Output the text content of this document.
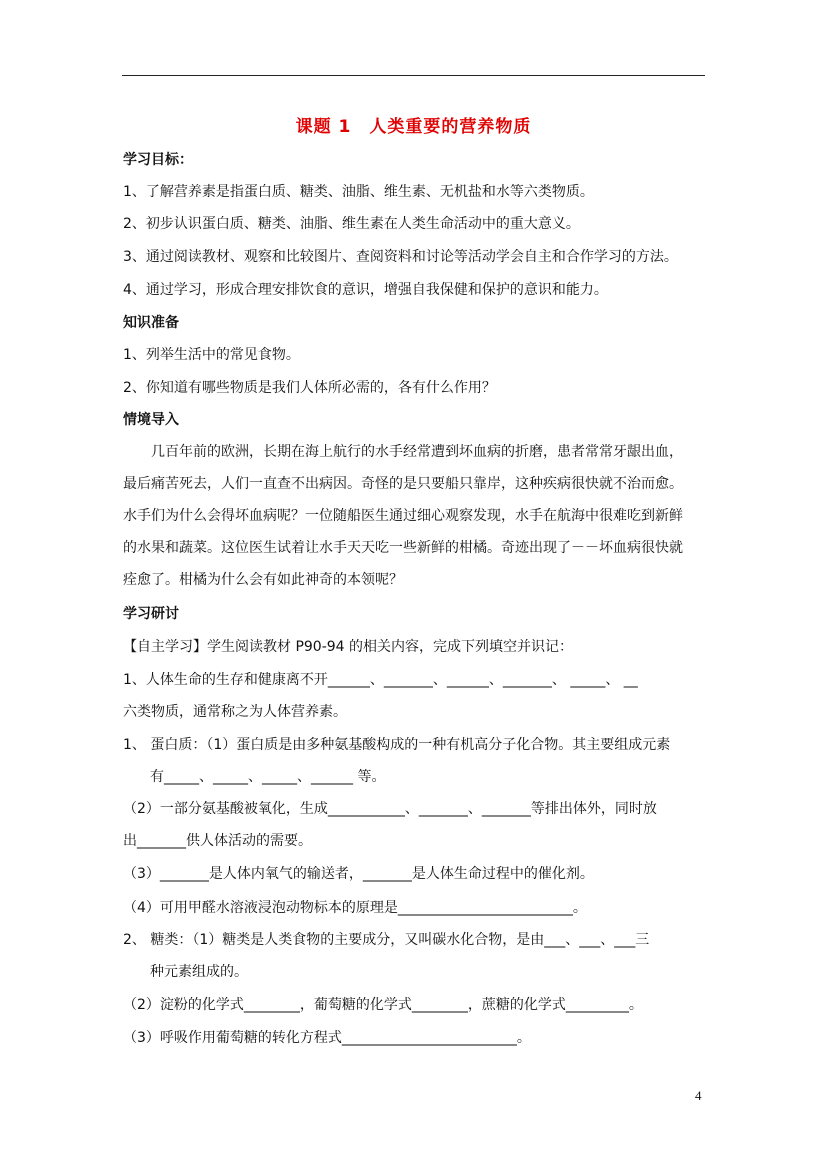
课题 1　人类重要的营养物质
学习目标：
1、了解营养素是指蛋白质、糖类、油脂、维生素、无机盐和水等六类物质。
2、初步认识蛋白质、糖类、油脂、维生素在人类生命活动中的重大意义。
3、通过阅读教材、观察和比较图片、查阅资料和讨论等活动学会自主和合作学习的方法。
4、通过学习，形成合理安排饮食的意识，增强自我保健和保护的意识和能力。
知识准备
1、列举生活中的常见食物。
2、你知道有哪些物质是我们人体所必需的，各有什么作用？
情境导入
　　几百年前的欧洲，长期在海上航行的水手经常遭到坏血病的折磨，患者常常牙龈出血，
最后痛苦死去，人们一直查不出病因。奇怪的是只要船只靠岸，这种疾病很快就不治而愈。
水手们为什么会得坏血病呢？一位随船医生通过细心观察发现，水手在航海中很难吃到新鲜
的水果和蔬菜。这位医生试着让水手天天吃一些新鲜的柑橘。奇迹出现了－－坏血病很快就
痊愈了。柑橘为什么会有如此神奇的本领呢？
学习研讨
【自主学习】学生阅读教材 P90-94 的相关内容，完成下列填空并识记：
1、人体生命的生存和健康离不开______、_______、______、_______、 _____、 __
六类物质，通常称之为人体营养素。
1、 蛋白质：（1）蛋白质是由多种氨基酸构成的一种有机高分子化合物。其主要组成元素
有_____、_____、_____、______ 等。
（2）一部分氨基酸被氧化，生成___________、_______、_______等排出体外，同时放
出_______供人体活动的需要。
（3）_______是人体内氧气的输送者，_______是人体生命过程中的催化剂。
（4）可用甲醛水溶液浸泡动物标本的原理是_________________________。
2、 糖类：（1）糖类是人类食物的主要成分，又叫碳水化合物，是由___、___、___三
种元素组成的。
（2）淀粉的化学式________，葡萄糖的化学式________，蔗糖的化学式_________。
（3）呼吸作用葡萄糖的转化方程式_________________________。
4
